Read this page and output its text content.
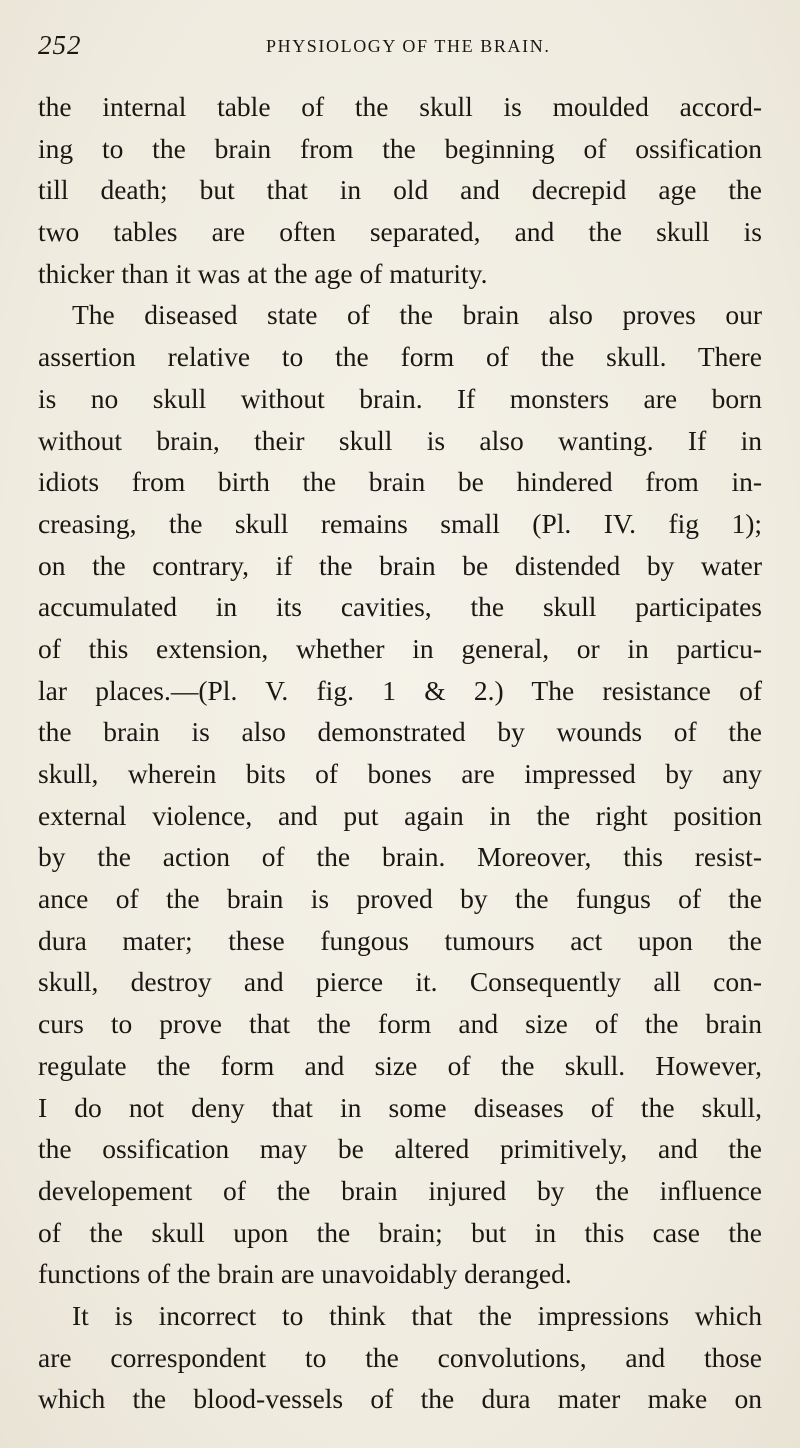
252	PHYSIOLOGY OF THE BRAIN.
the internal table of the skull is moulded accord-
ing to the brain from the beginning of ossification
till death; but that in old and decrepid age the
two tables are often separated, and the skull is
thicker than it was at the age of maturity.
The diseased state of the brain also proves our
assertion relative to the form of the skull. There
is no skull without brain. If monsters are born
without brain, their skull is also wanting. If in
idiots from birth the brain be hindered from in-
creasing, the skull remains small (Pl. IV. fig 1);
on the contrary, if the brain be distended by water
accumulated in its cavities, the skull participates
of this extension, whether in general, or in particu-
lar places.—(Pl. V. fig. 1 & 2.) The resistance of
the brain is also demonstrated by wounds of the
skull, wherein bits of bones are impressed by any
external violence, and put again in the right position
by the action of the brain. Moreover, this resist-
ance of the brain is proved by the fungus of the
dura mater; these fungous tumours act upon the
skull, destroy and pierce it. Consequently all con-
curs to prove that the form and size of the brain
regulate the form and size of the skull. However,
I do not deny that in some diseases of the skull,
the ossification may be altered primitively, and the
developement of the brain injured by the influence
of the skull upon the brain; but in this case the
functions of the brain are unavoidably deranged.
It is incorrect to think that the impressions which
are correspondent to the convolutions, and those
which the blood-vessels of the dura mater make on
